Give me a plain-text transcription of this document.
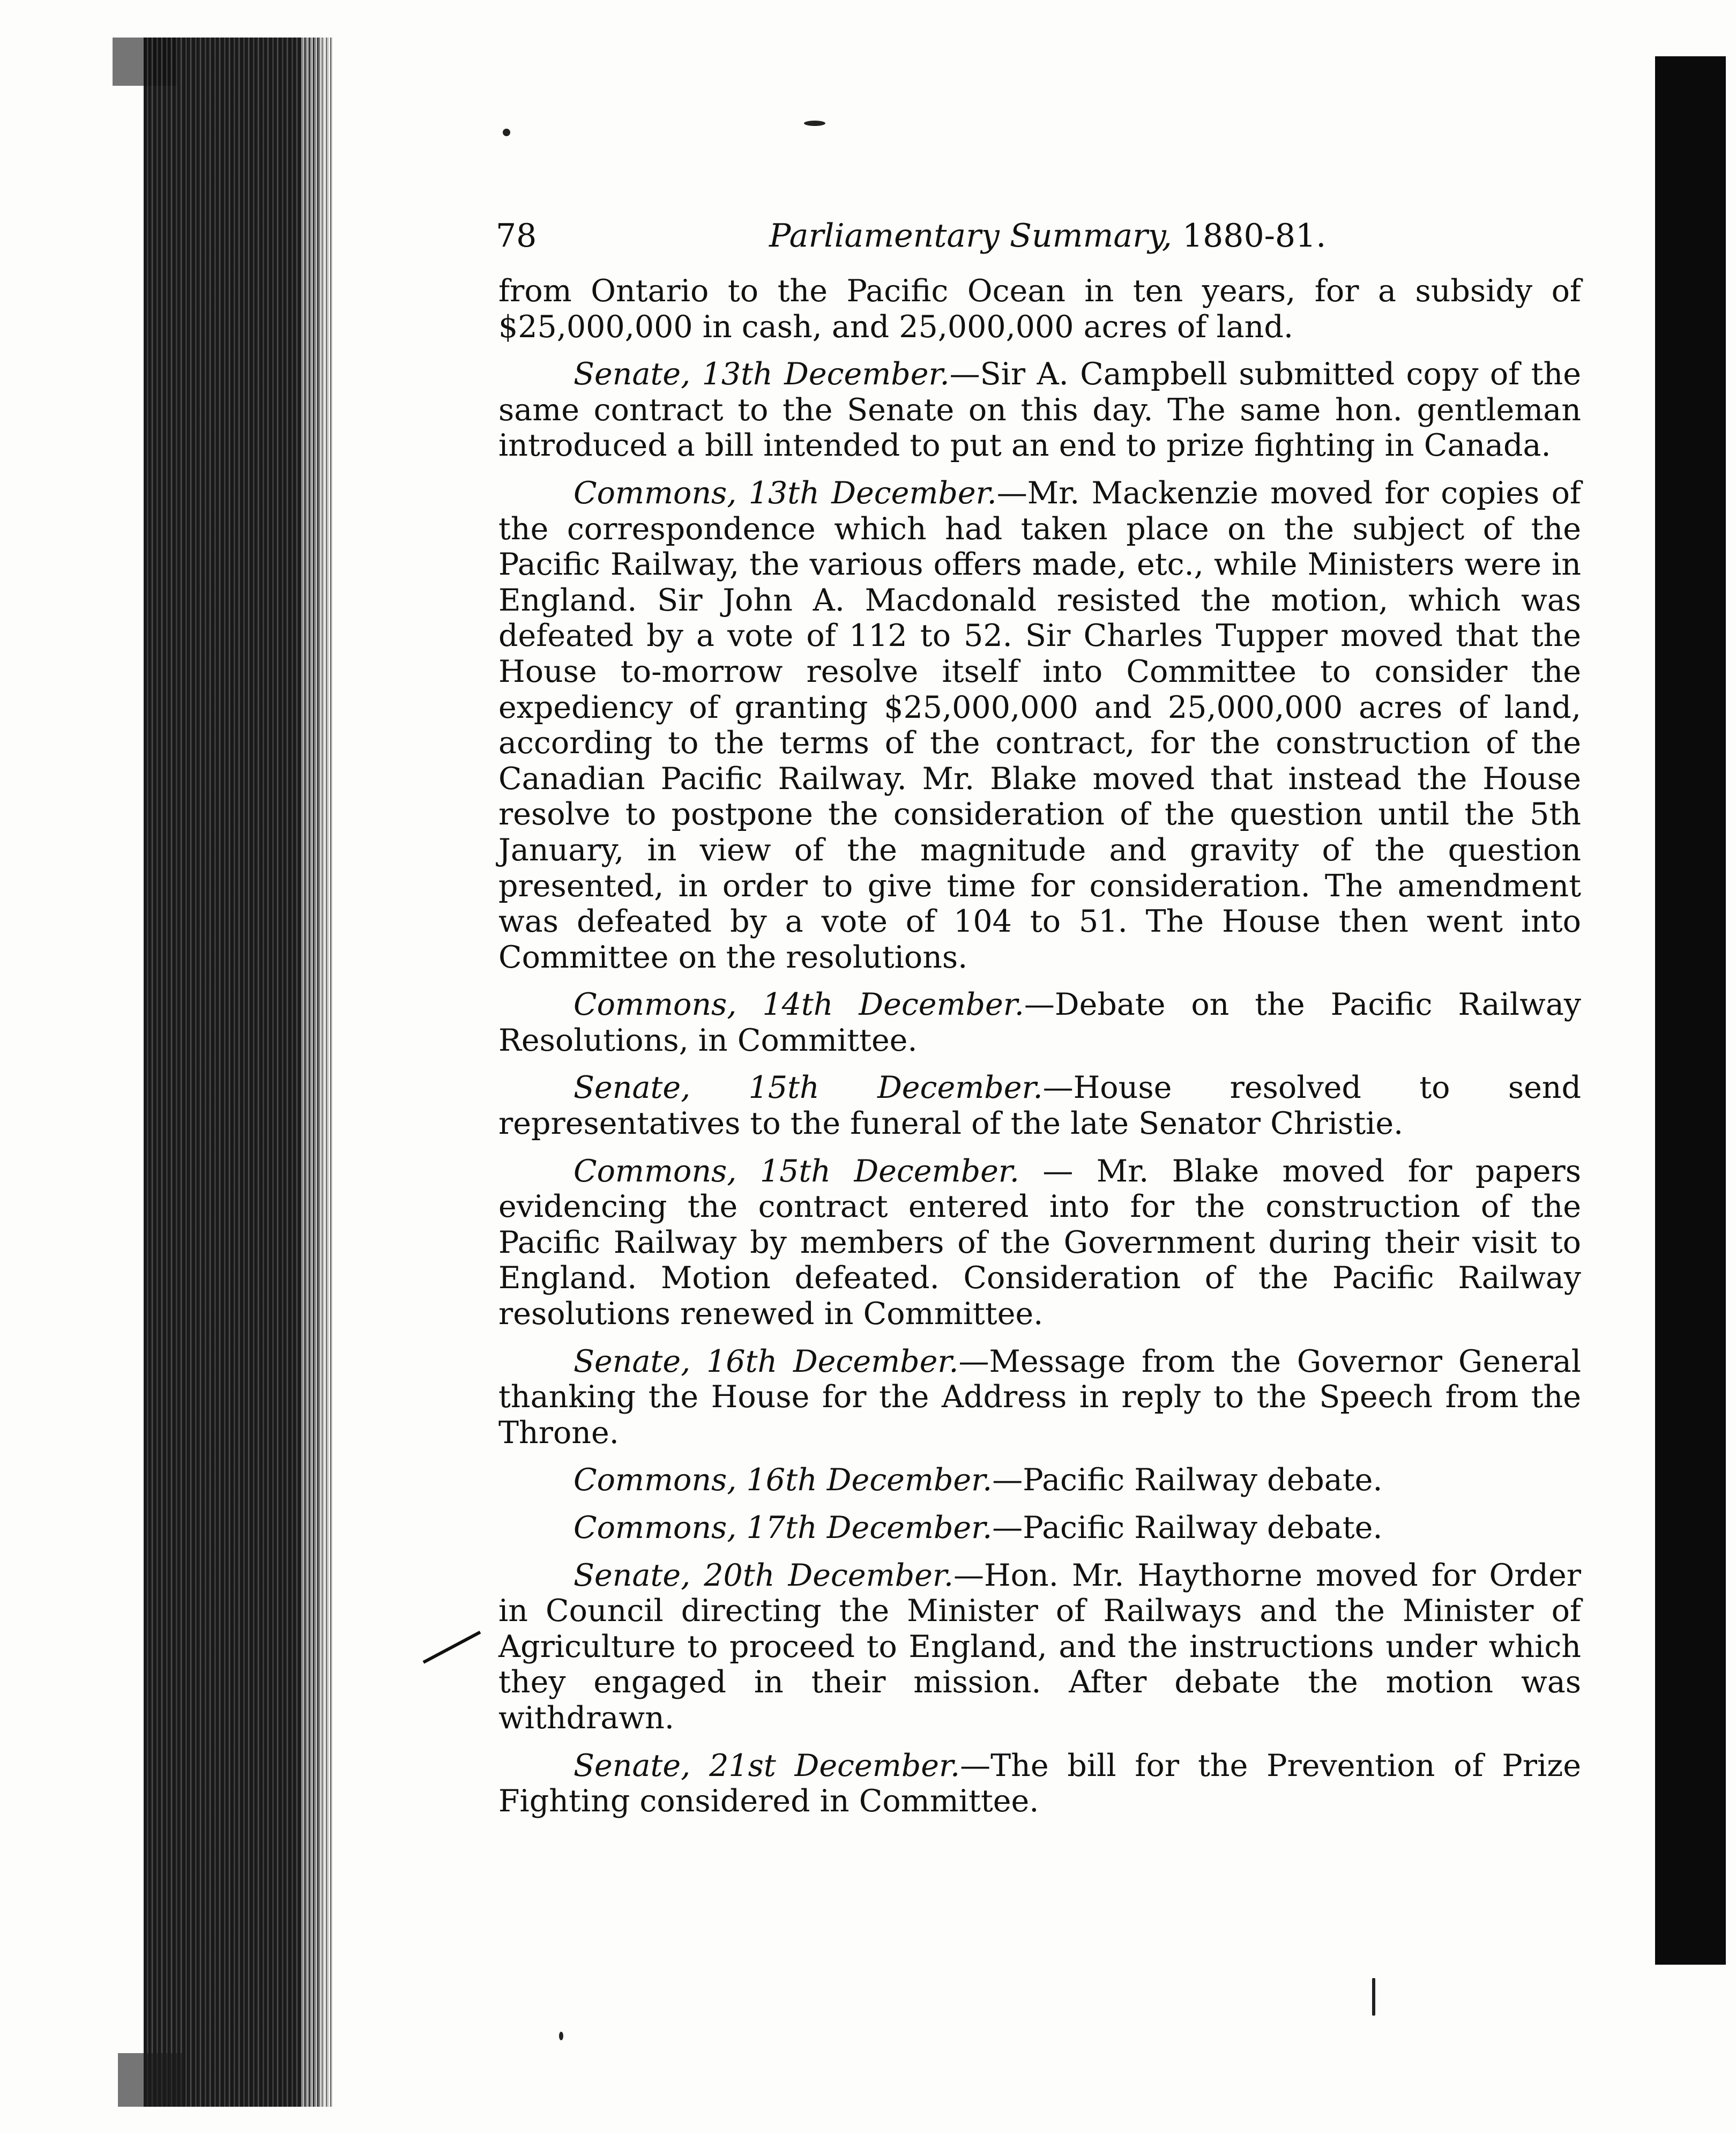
78	Parliamentary Summary, 1880-81.

from Ontario to the Pacific Ocean in ten years, for a subsidy of $25,000,000 in cash, and 25,000,000 acres of land.

Senate, 13th December.—Sir A. Campbell submitted copy of the same contract to the Senate on this day. The same hon. gentleman introduced a bill intended to put an end to prize fighting in Canada.

Commons, 13th December.—Mr. Mackenzie moved for copies of the correspondence which had taken place on the subject of the Pacific Railway, the various offers made, etc., while Ministers were in England. Sir John A. Macdonald resisted the motion, which was defeated by a vote of 112 to 52. Sir Charles Tupper moved that the House to-morrow resolve itself into Committee to consider the expediency of granting $25,000,000 and 25,000,000 acres of land, according to the terms of the contract, for the construction of the Canadian Pacific Railway. Mr. Blake moved that instead the House resolve to postpone the consideration of the question until the 5th January, in view of the magnitude and gravity of the question presented, in order to give time for consideration. The amendment was defeated by a vote of 104 to 51. The House then went into Committee on the resolutions.

Commons, 14th December.—Debate on the Pacific Railway Resolutions, in Committee.

Senate, 15th December.—House resolved to send representatives to the funeral of the late Senator Christie.

Commons, 15th December. — Mr. Blake moved for papers evidencing the contract entered into for the construction of the Pacific Railway by members of the Government during their visit to England. Motion defeated. Consideration of the Pacific Railway resolutions renewed in Committee.

Senate, 16th December.—Message from the Governor General thanking the House for the Address in reply to the Speech from the Throne.

Commons, 16th December.—Pacific Railway debate.

Commons, 17th December.—Pacific Railway debate.

Senate, 20th December.—Hon. Mr. Haythorne moved for Order in Council directing the Minister of Railways and the Minister of Agriculture to proceed to England, and the instructions under which they engaged in their mission. After debate the motion was withdrawn.

Senate, 21st December.—The bill for the Prevention of Prize Fighting considered in Committee.
